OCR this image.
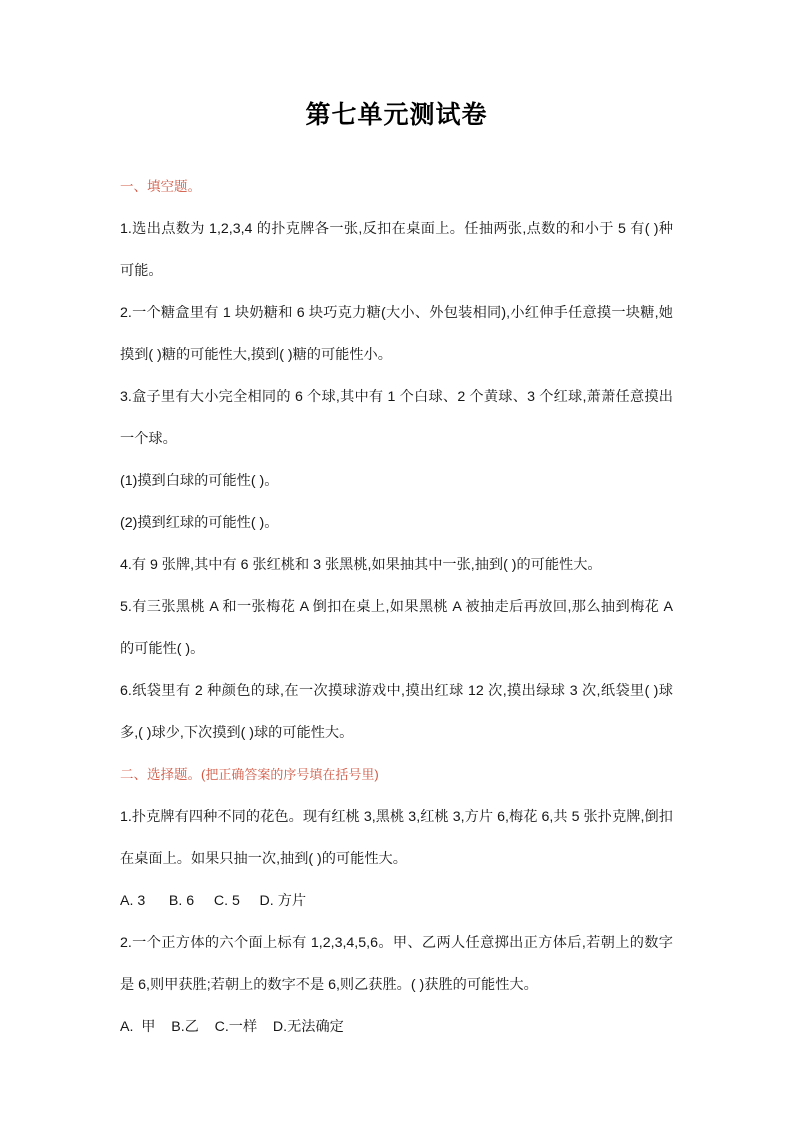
第七单元测试卷
一、填空题。
1.选出点数为 1,2,3,4 的扑克牌各一张,反扣在桌面上。任抽两张,点数的和小于 5 有( )种可能。
2.一个糖盒里有 1 块奶糖和 6 块巧克力糖(大小、外包装相同),小红伸手任意摸一块糖,她摸到( )糖的可能性大,摸到( )糖的可能性小。
3.盒子里有大小完全相同的 6 个球,其中有 1 个白球、2 个黄球、3 个红球,萧萧任意摸出一个球。
(1)摸到白球的可能性( )。
(2)摸到红球的可能性( )。
4.有 9 张牌,其中有 6 张红桃和 3 张黑桃,如果抽其中一张,抽到( )的可能性大。
5.有三张黑桃 A 和一张梅花 A 倒扣在桌上,如果黑桃 A 被抽走后再放回,那么抽到梅花 A 的可能性( )。
6.纸袋里有 2 种颜色的球,在一次摸球游戏中,摸出红球 12 次,摸出绿球 3 次,纸袋里( )球多,( )球少,下次摸到( )球的可能性大。
二、选择题。(把正确答案的序号填在括号里)
1.扑克牌有四种不同的花色。现有红桃 3,黑桃 3,红桃 3,方片 6,梅花 6,共 5 张扑克牌,倒扣在桌面上。如果只抽一次,抽到( )的可能性大。
A. 3      B. 6     C. 5     D. 方片
2.一个正方体的六个面上标有 1,2,3,4,5,6。甲、乙两人任意掷出正方体后,若朝上的数字是 6,则甲获胜;若朝上的数字不是 6,则乙获胜。( )获胜的可能性大。
A.  甲    B.乙    C.一样    D.无法确定
